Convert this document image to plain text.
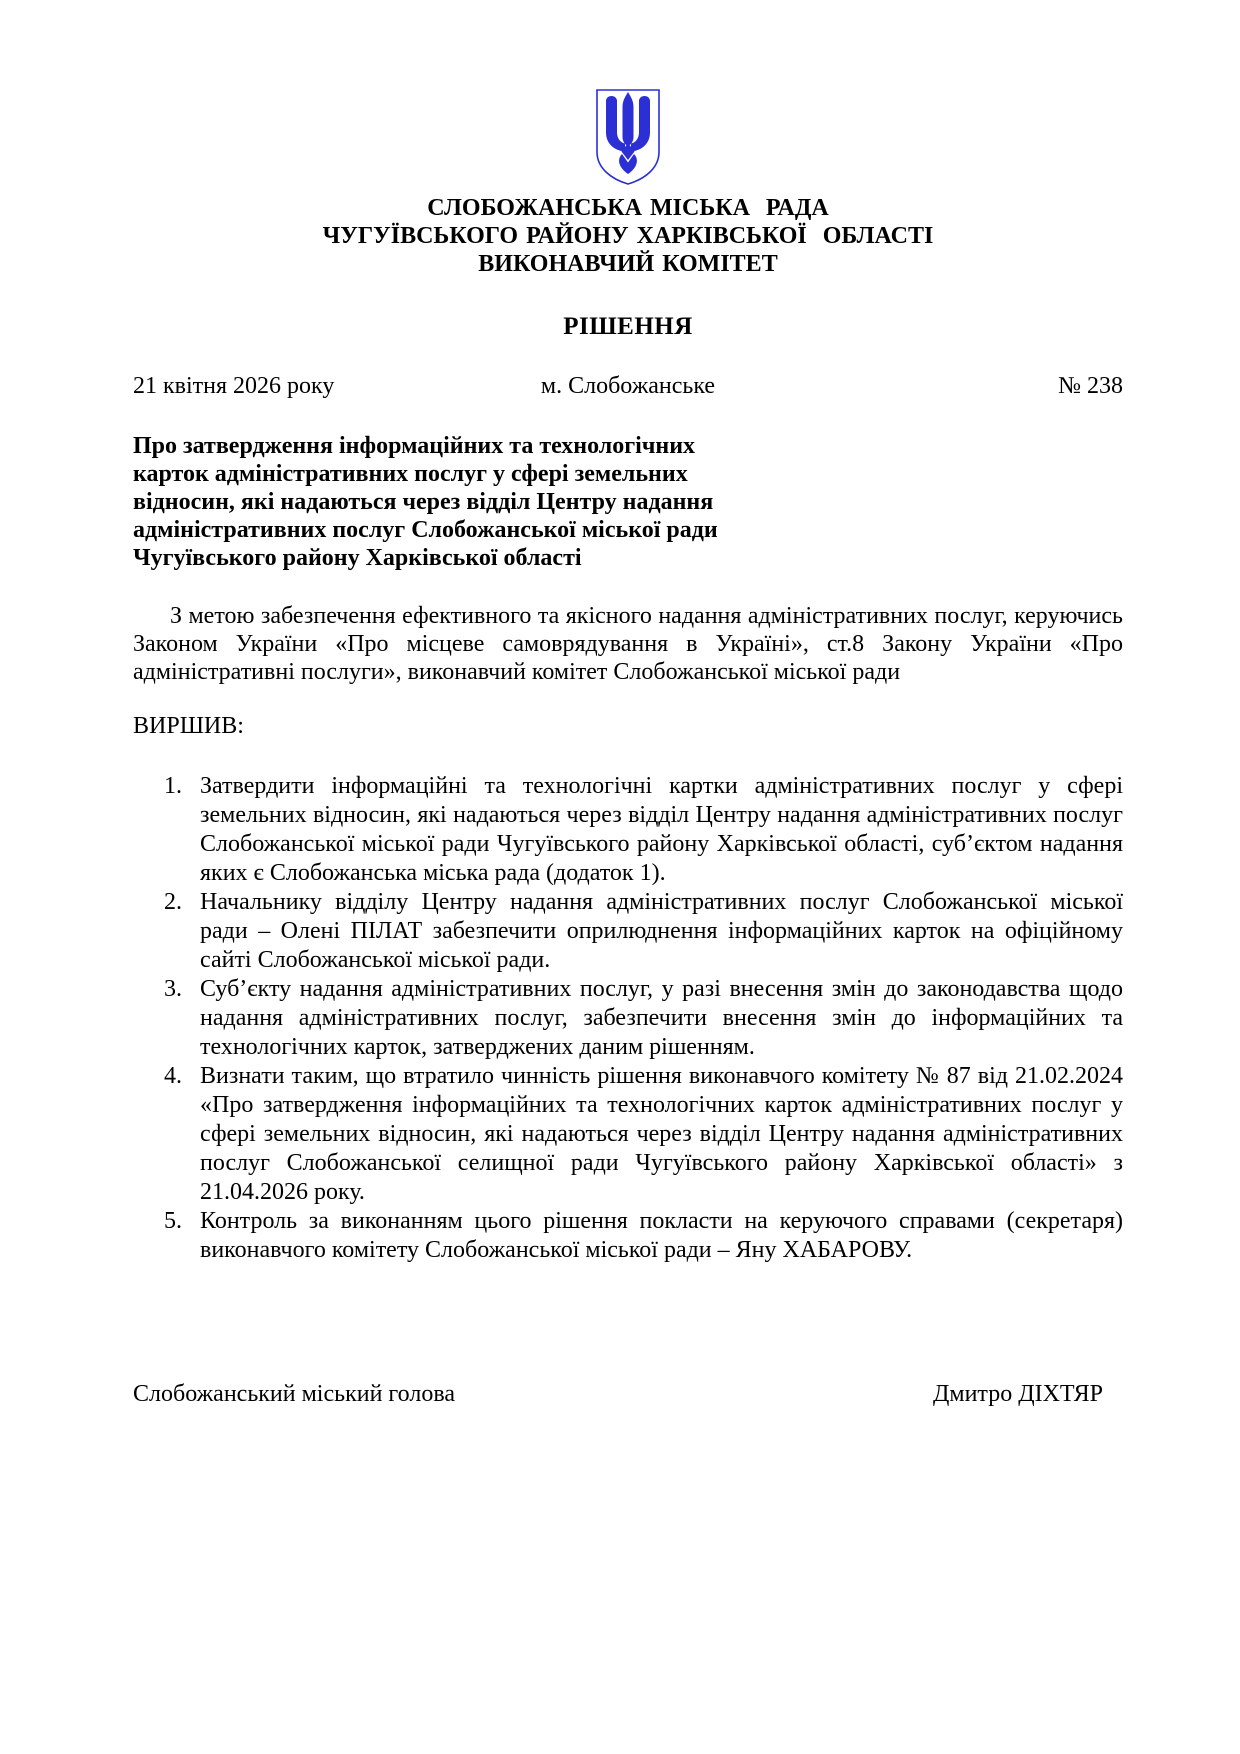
СЛОБОЖАНСЬКА МІСЬКА  РАДА
ЧУГУЇВСЬКОГО РАЙОНУ ХАРКІВСЬКОЇ  ОБЛАСТІ
ВИКОНАВЧИЙ КОМІТЕТ
РІШЕННЯ
21 квітня 2026 року	м. Слобожанське	№ 238
Про затвердження інформаційних та технологічних
карток адміністративних послуг у сфері земельних
відносин, які надаються через відділ Центру надання
адміністративних послуг Слобожанської міської ради
Чугуївського району Харківської області
З метою забезпечення ефективного та якісного надання адміністративних послуг, керуючись Законом України «Про місцеве самоврядування в Україні», ст.8 Закону України «Про адміністративні послуги», виконавчий комітет Слобожанської міської ради
ВИРШИВ:
Затвердити інформаційні та технологічні картки адміністративних послуг у сфері земельних відносин, які надаються через відділ Центру надання адміністративних послуг Слобожанської міської ради Чугуївського району Харківської області, суб’єктом надання яких є Слобожанська міська рада (додаток 1).
Начальнику відділу Центру надання адміністративних послуг Слобожанської міської ради – Олені ПІЛАТ забезпечити оприлюднення інформаційних карток на офіційному сайті Слобожанської міської ради.
Суб’єкту надання адміністративних послуг, у разі внесення змін до законодавства щодо надання адміністративних послуг, забезпечити внесення змін до інформаційних та технологічних карток, затверджених даним рішенням.
Визнати таким, що втратило чинність рішення виконавчого комітету № 87 від 21.02.2024 «Про затвердження інформаційних та технологічних карток адміністративних послуг у сфері земельних відносин, які надаються через відділ Центру надання адміністративних послуг Слобожанської селищної ради Чугуївського району Харківської області» з 21.04.2026 року.
Контроль за виконанням цього рішення покласти на керуючого справами (секретаря) виконавчого комітету Слобожанської міської ради – Яну ХАБАРОВУ.
Слобожанський міський голова	Дмитро ДІХТЯР
